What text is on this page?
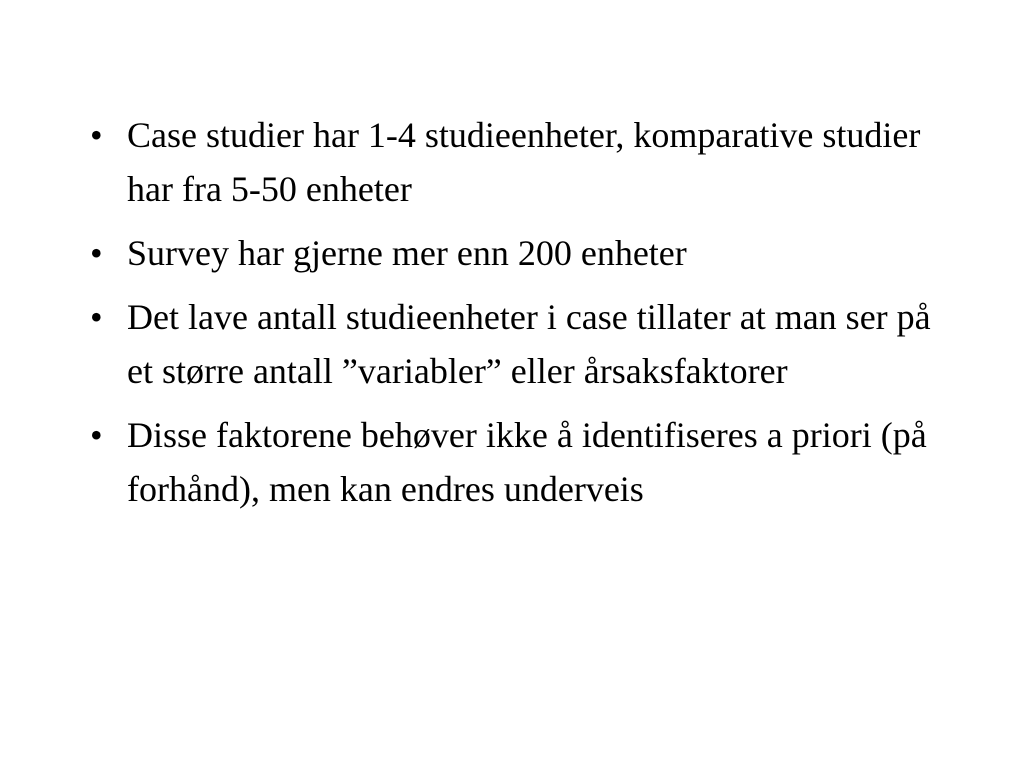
• Case studier har 1-4 studieenheter, komparative studier har fra 5-50 enheter
• Survey har gjerne mer enn 200 enheter
• Det lave antall studieenheter i case tillater at man ser på et større antall ”variabler” eller årsaksfaktorer
• Disse faktorene behøver ikke å identifiseres a priori (på forhånd), men kan endres underveis
